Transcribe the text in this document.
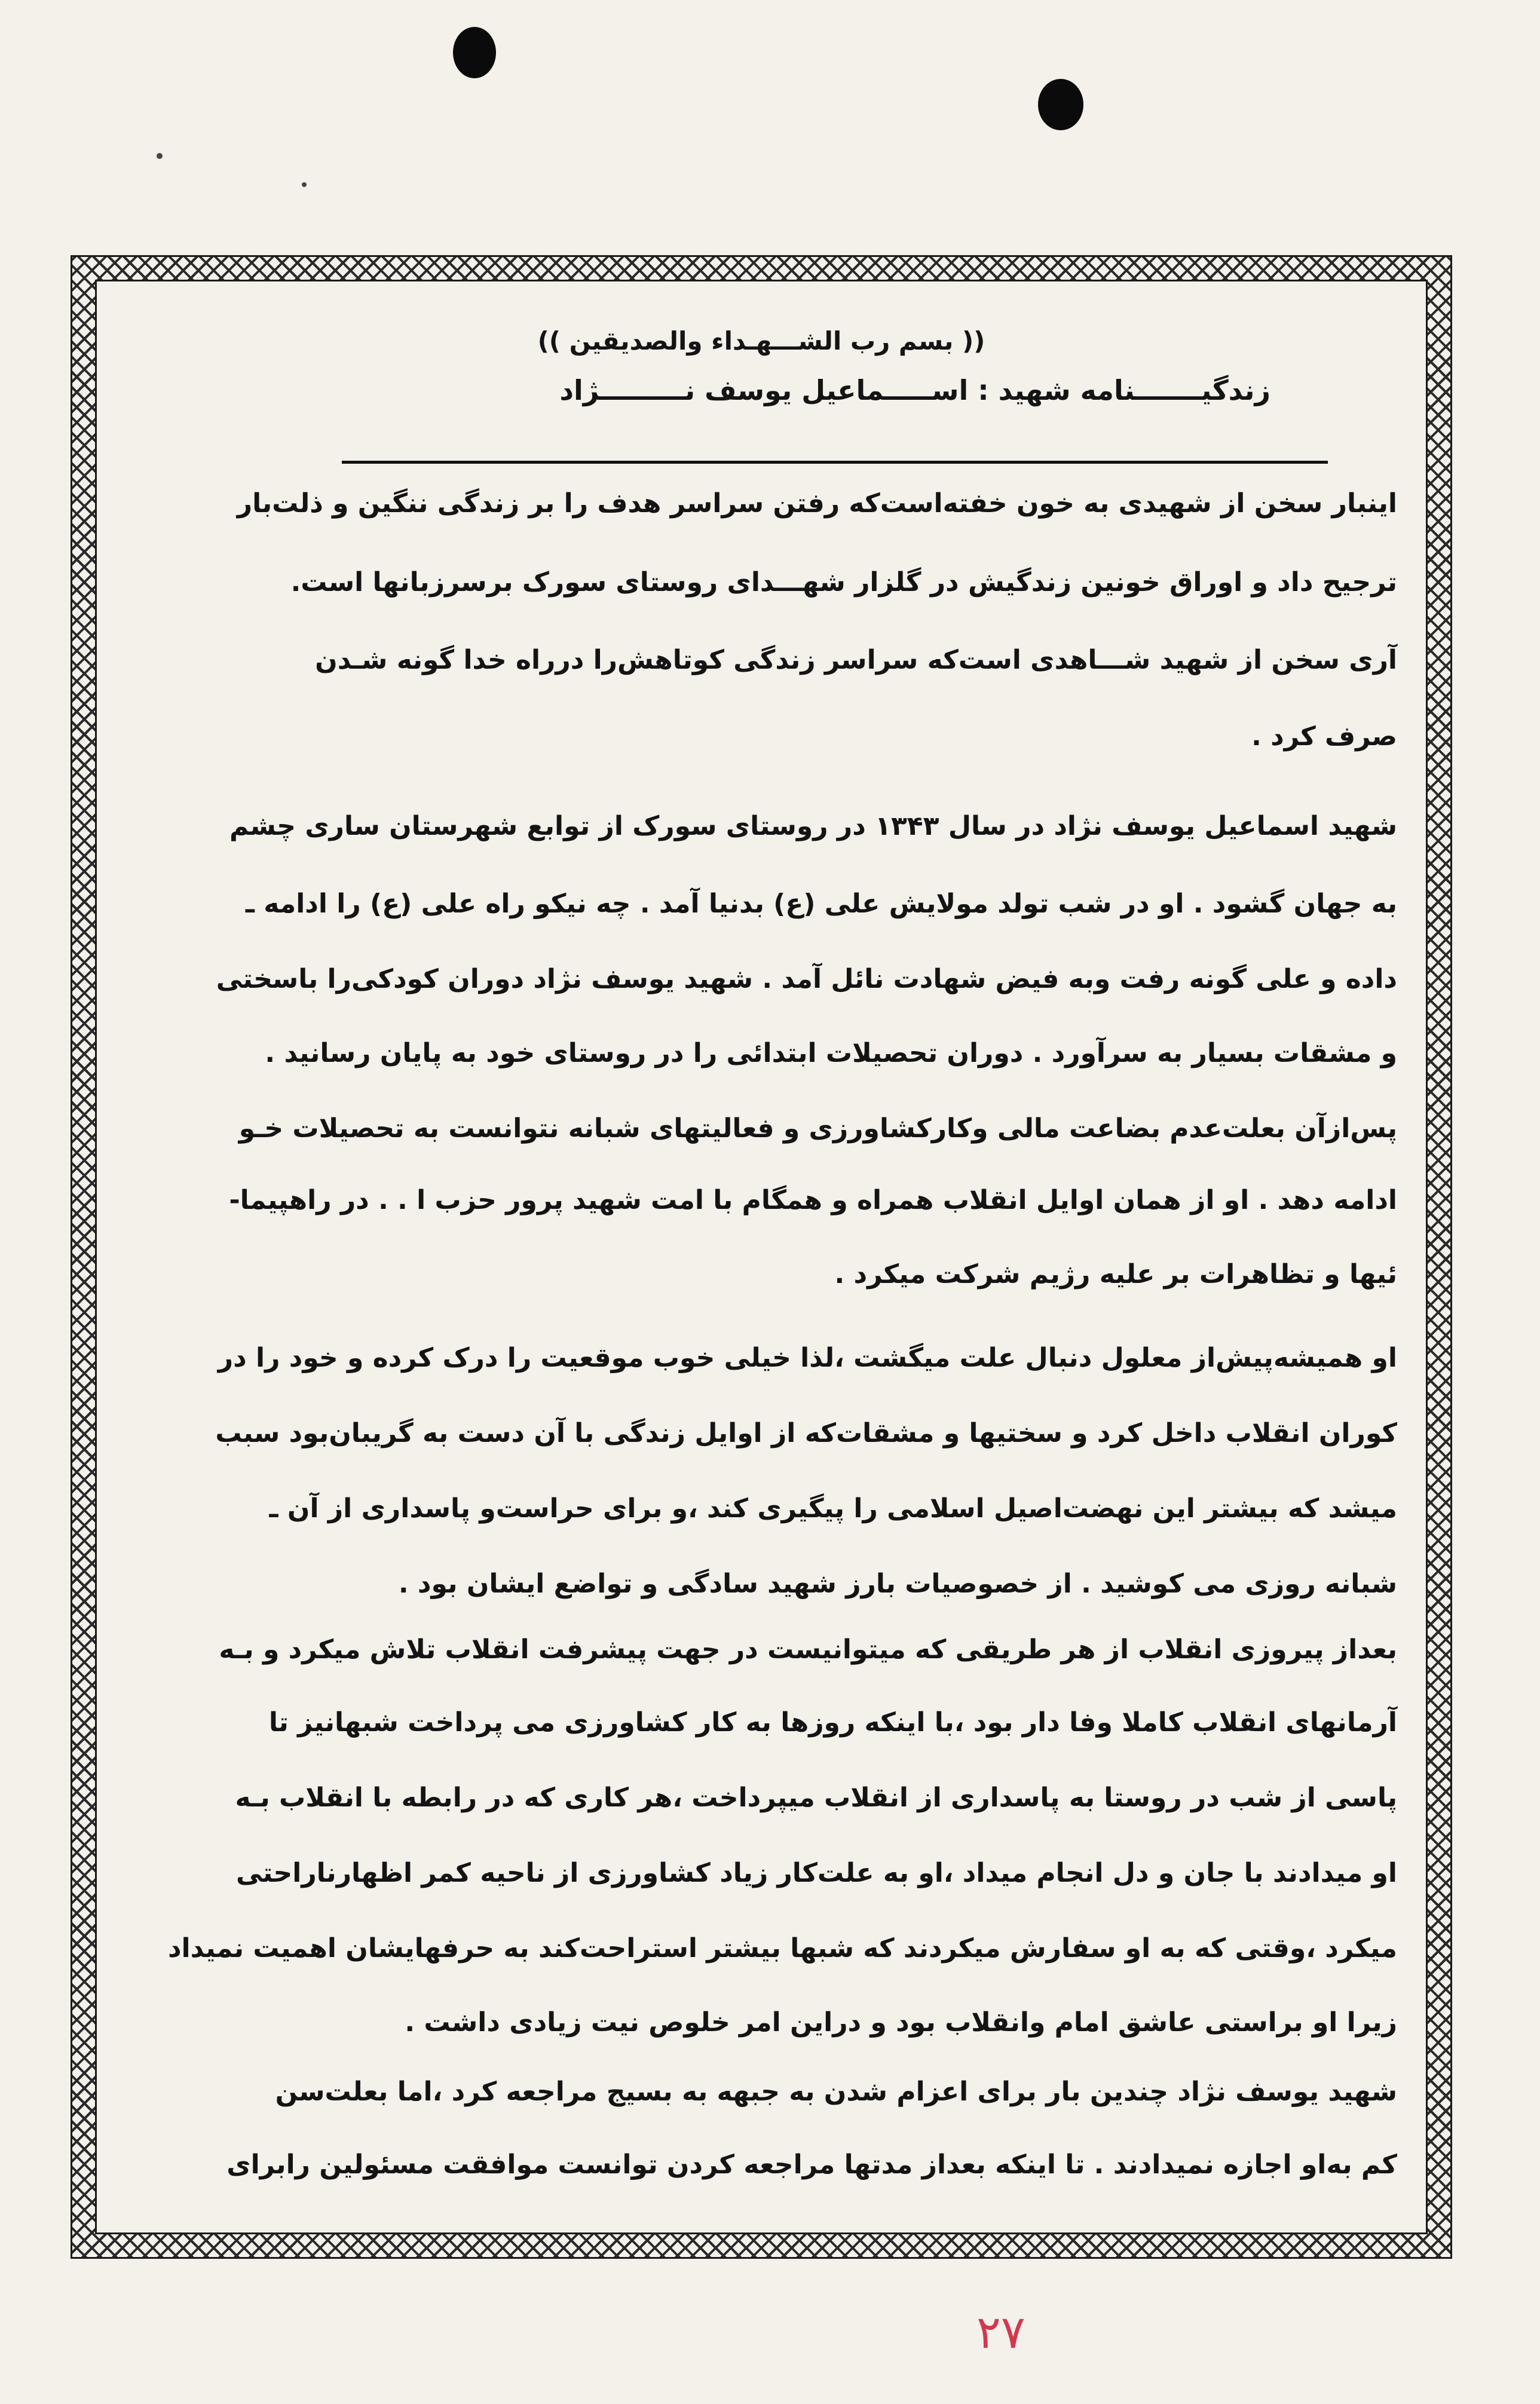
(( بسم رب الشـــهـداء والصديقين ))
زندگیـــــــنامه شهید : اســـــماعیل یوسف نـــــــــژاد
اینبار سخن از شهیدی به خون خفته‌است‌که رفتن سراسر هدف را بر زندگی ننگین و ذلت‌بار
ترجیح داد و اوراق خونین زندگیش در گلزار شهـــدای روستای سورک برسرزبانها است.
آری سخن از شهید شـــاهدی است‌که سراسر زندگی کوتاهش‌را درراه خدا گونه شـدن
صرف کرد .
شهید اسماعیل یوسف نژاد در سال ۱۳۴۳ در روستای سورک از توابع شهرستان ساری چشم
به جهان گشود . او در شب تولد مولایش علی (ع) بدنیا آمد . چه نیکو راه علی (ع) را ادامه ـ
داده و علی گونه رفت وبه فیض شهادت نائل آمد . شهید یوسف نژاد دوران کودکی‌را باسختی
و مشقات بسیار به سرآورد . دوران تحصیلات ابتدائی را در روستای خود به پایان رسانید .
پس‌ازآن بعلت‌عدم بضاعت مالی وکارکشاورزی و فعالیتهای شبانه نتوانست به تحصیلات خـو
ادامه دهد . او از همان اوایل انقلاب همراه و همگام با امت شهید پرور حزب ا . . در راهپیما-
ئیها و تظاهرات بر علیه رژیم شرکت میکرد .
او همیشه‌پیش‌از معلول دنبال علت میگشت ،لذا خیلی خوب موقعیت را درک کرده و خود را در
کوران انقلاب داخل کرد و سختیها و مشقات‌که از اوایل زندگی با آن دست به گریبان‌بود سبب
میشد که بیشتر این نهضت‌اصیل اسلامی را پیگیری کند ،و برای حراست‌و پاسداری از آن ـ
شبانه روزی می کوشید . از خصوصیات بارز شهید سادگی و تواضع ایشان بود .
بعداز پیروزی انقلاب از هر طریقی که میتوانیست در جهت پیشرفت انقلاب تلاش میکرد و بـه
آرمانهای انقلاب کاملا وفا دار بود ،با اینکه روزها به کار کشاورزی می پرداخت شبهانیز تا
پاسی از شب در روستا به پاسداری از انقلاب میپرداخت ،هر کاری که در رابطه با انقلاب بـه
او میدادند با جان و دل انجام میداد ،او به علت‌کار زیاد کشاورزی از ناحیه کمر اظهارناراحتی
میکرد ،وقتی که به او سفارش میکردند که شبها بیشتر استراحت‌کند به حرفهایشان اهمیت نمیداد
زیرا او براستی عاشق امام وانقلاب بود و دراین امر خلوص نیت زیادی داشت .
شهید یوسف نژاد چندین بار برای اعزام شدن به جبهه به بسیج مراجعه کرد ،اما بعلت‌سن
کم به‌او اجازه نمیدادند . تا اینکه بعداز مدتها مراجعه کردن توانست موافقت مسئولین رابرای
۲۷
